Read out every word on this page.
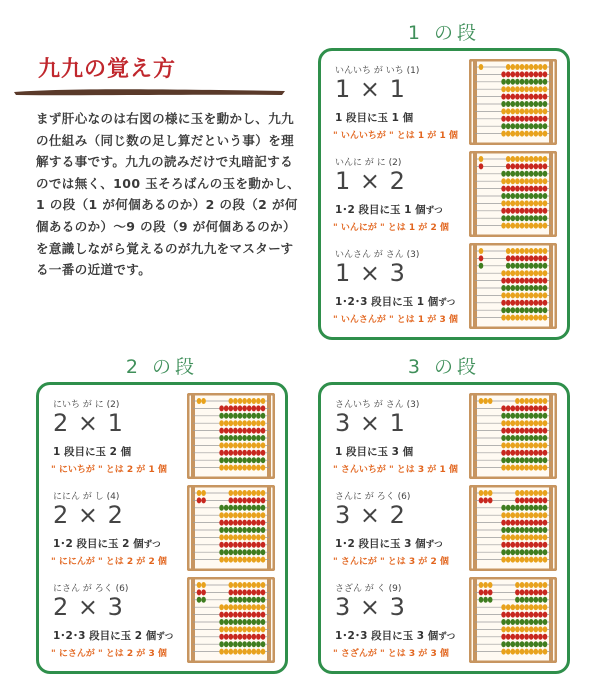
九九の覚え方
まず肝心なのは右図の様に玉を動かし、九九の仕組み（同じ数の足し算だという事）を理解する事です。九九の読みだけで丸暗記するのでは無く、100 玉そろばんの玉を動かし、1 の段（1 が何個あるのか）2 の段（2 が何個あるのか）〜9 の段（9 が何個あるのか）を意識しながら覚えるのが九九をマスターする一番の近道です。
1 の段
いんいち が いち (1)
1 × 1
1 段目に玉 1 個
" いんいちが " とは 1 が 1 個
いんに が に (2)
1 × 2
1･2 段目に玉 1 個ずつ
" いんにが " とは 1 が 2 個
いんさん が さん (3)
1 × 3
1･2･3 段目に玉 1 個ずつ
" いんさんが " とは 1 が 3 個
2 の段
にいち が に (2)
2 × 1
1 段目に玉 2 個
" にいちが " とは 2 が 1 個
ににん が し (4)
2 × 2
1･2 段目に玉 2 個ずつ
" ににんが " とは 2 が 2 個
にさん が ろく (6)
2 × 3
1･2･3 段目に玉 2 個ずつ
" にさんが " とは 2 が 3 個
3 の段
さんいち が さん (3)
3 × 1
1 段目に玉 3 個
" さんいちが " とは 3 が 1 個
さんに が ろく (6)
3 × 2
1･2 段目に玉 3 個ずつ
" さんにが " とは 3 が 2 個
さざん が く (9)
3 × 3
1･2･3 段目に玉 3 個ずつ
" さざんが " とは 3 が 3 個
